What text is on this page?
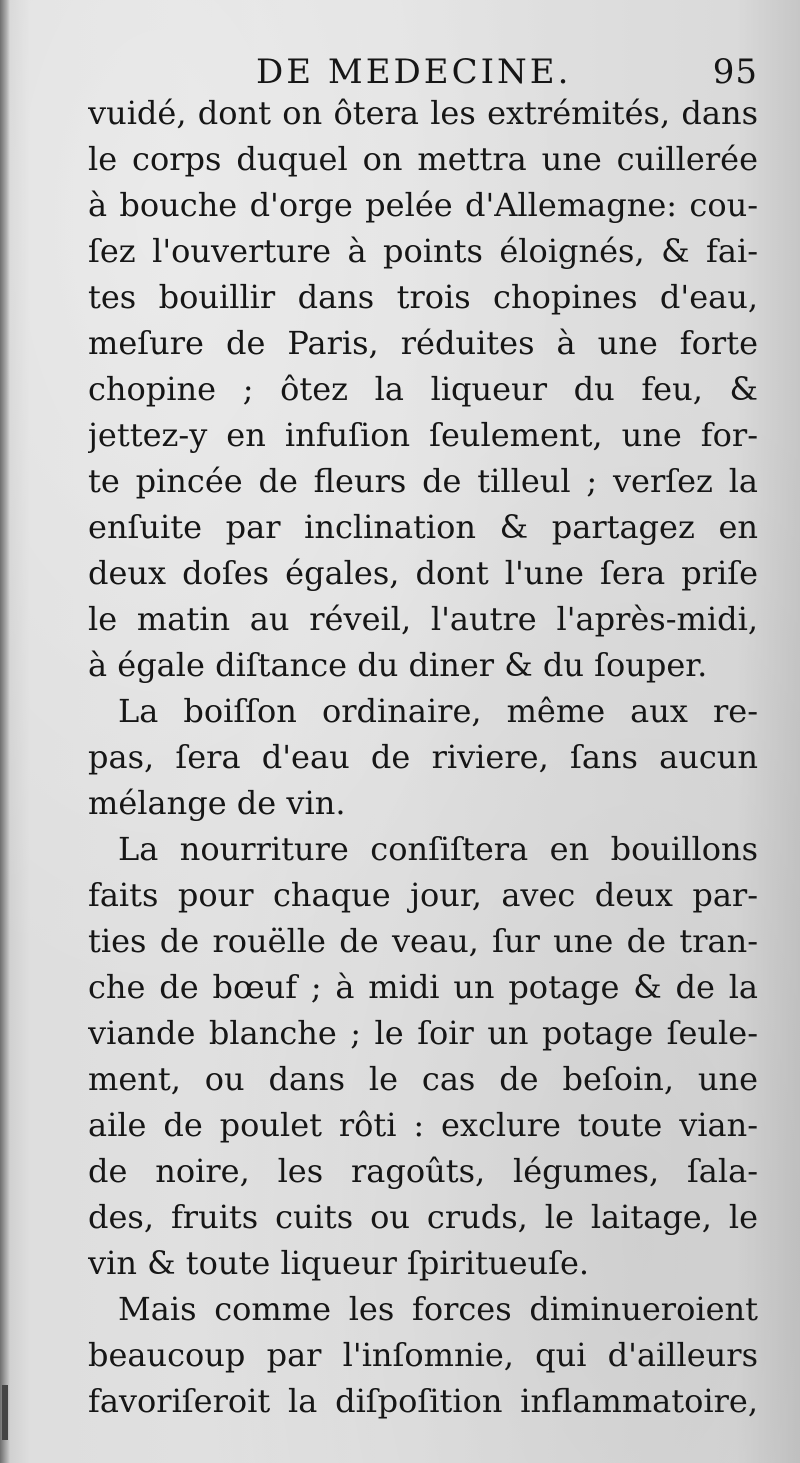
DE MEDECINE.	95
vuidé, dont on ôtera les extrémités, dans
le corps duquel on mettra une cuillerée
à bouche d'orge pelée d'Allemagne: cou-
ſez l'ouverture à points éloignés, & fai-
tes bouillir dans trois chopines d'eau,
meſure de Paris, réduites à une forte
chopine ; ôtez la liqueur du feu, &
jettez-y en infuſion ſeulement, une for-
te pincée de fleurs de tilleul ; verſez la
enſuite par inclination & partagez en
deux doſes égales, dont l'une ſera priſe
le matin au réveil, l'autre l'après-midi,
à égale diſtance du diner & du ſouper.
La boiſſon ordinaire, même aux re-
pas, ſera d'eau de riviere, ſans aucun
mélange de vin.
La nourriture conſiſtera en bouillons
faits pour chaque jour, avec deux par-
ties de rouëlle de veau, ſur une de tran-
che de bœuf ; à midi un potage & de la
viande blanche ; le ſoir un potage ſeule-
ment, ou dans le cas de beſoin, une
aile de poulet rôti : exclure toute vian-
de noire, les ragoûts, légumes, ſala-
des, fruits cuits ou cruds, le laitage, le
vin & toute liqueur ſpiritueuſe.
Mais comme les forces diminueroient
beaucoup par l'inſomnie, qui d'ailleurs
favoriſeroit la diſpoſition inflammatoire,
